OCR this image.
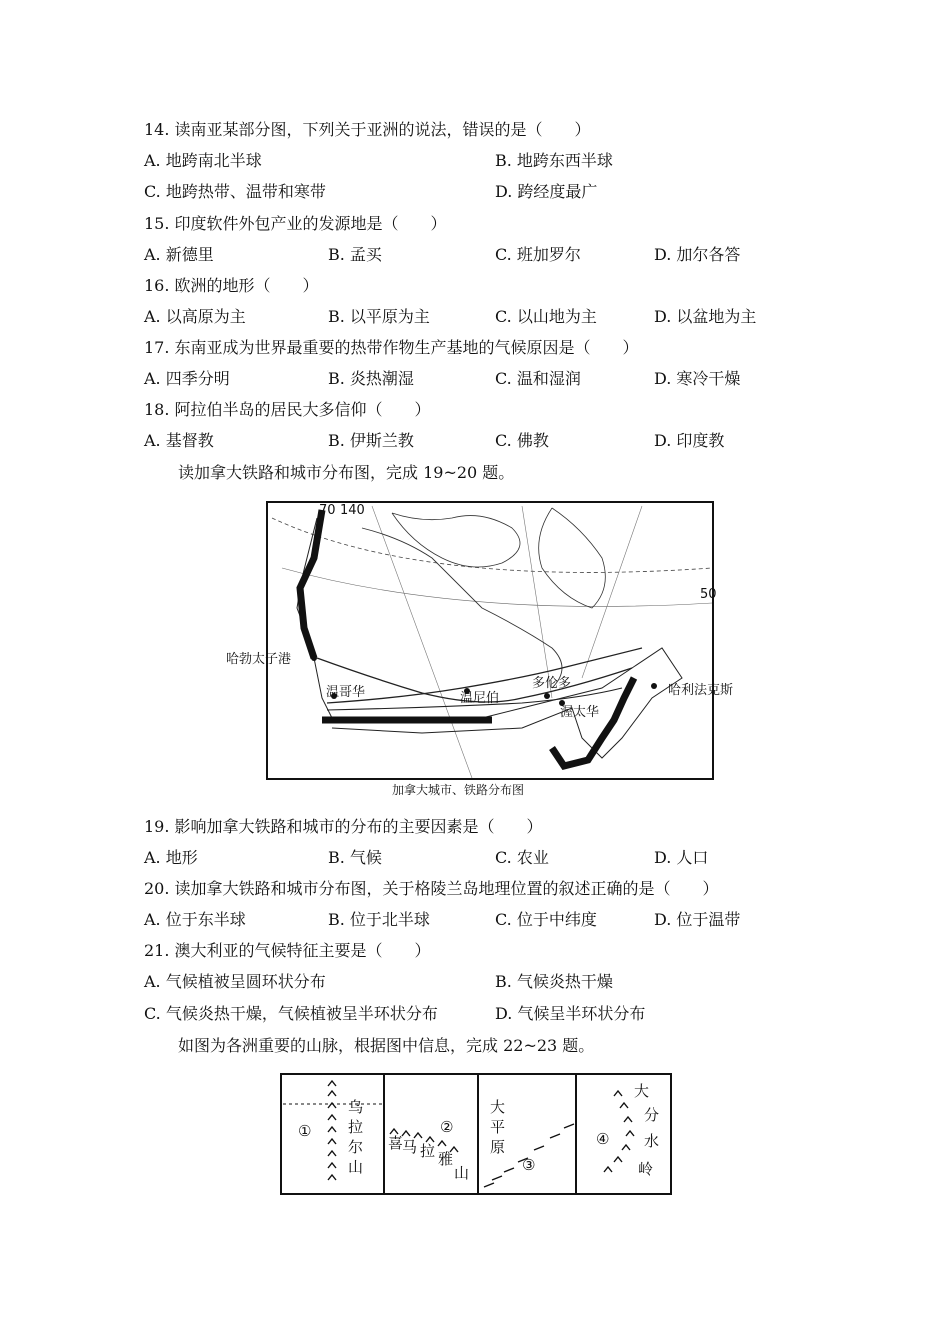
14. 读南亚某部分图，下列关于亚洲的说法，错误的是（　　）
A. 地跨南北半球	B. 地跨东西半球
C. 地跨热带、温带和寒带	D. 跨经度最广
15. 印度软件外包产业的发源地是（　　）
A. 新德里	B. 孟买	C. 班加罗尔	D. 加尔各答
16. 欧洲的地形（　　）
A. 以高原为主	B. 以平原为主	C. 以山地为主	D. 以盆地为主
17. 东南亚成为世界最重要的热带作物生产基地的气候原因是（　　）
A. 四季分明	B. 炎热潮湿	C. 温和湿润	D. 寒冷干燥
18. 阿拉伯半岛的居民大多信仰（　　）
A. 基督教	B. 伊斯兰教	C. 佛教	D. 印度教
读加拿大铁路和城市分布图，完成 19~20 题。
140
70
50
哈勃太子港
温哥华	温尼伯
多伦多
渥太华
哈利法克斯
加拿大城市、铁路分布图
19. 影响加拿大铁路和城市的分布的主要因素是（　　）
A. 地形	B. 气候	C. 农业	D. 人口
20. 读加拿大铁路和城市分布图，关于格陵兰岛地理位置的叙述正确的是（　　）
A. 位于东半球	B. 位于北半球	C. 位于中纬度	D. 位于温带
21. 澳大利亚的气候特征主要是（　　）
A. 气候植被呈圆环状分布	B. 气候炎热干燥
C. 气候炎热干燥，气候植被呈半环状分布	D. 气候呈半环状分布
如图为各洲重要的山脉，根据图中信息，完成 22~23 题。
①
乌
拉
尔
山
②
喜
马 拉 雅
山
大
平
原
③
④
大
分
水
岭
